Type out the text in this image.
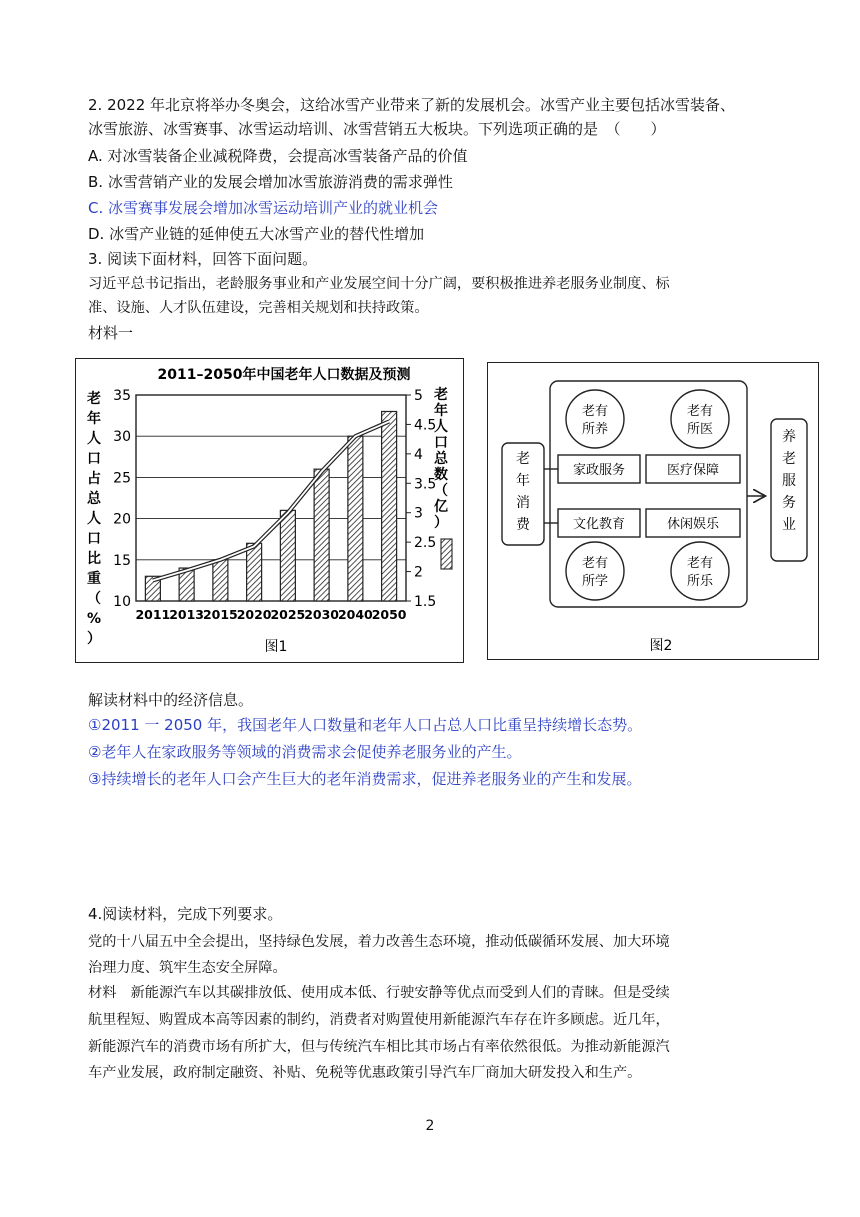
2. 2022 年北京将举办冬奥会，这给冰雪产业带来了新的发展机会。冰雪产业主要包括冰雪装备、
冰雪旅游、冰雪赛事、冰雪运动培训、冰雪营销五大板块。下列选项正确的是　（　　）
A. 对冰雪装备企业减税降费，会提高冰雪装备产品的价值
B. 冰雪营销产业的发展会增加冰雪旅游消费的需求弹性
C. 冰雪赛事发展会增加冰雪运动培训产业的就业机会
D. 冰雪产业链的延伸使五大冰雪产业的替代性增加
3. 阅读下面材料，回答下面问题。
习近平总书记指出，老龄服务事业和产业发展空间十分广阔，要积极推进养老服务业制度、标
准、设施、人才队伍建设，完善相关规划和扶持政策。
材料一
2011–2050年中国老年人口数据及预测
老年人口占总人口比重（%）
老年人口总数（亿）
35
30
25
20
15
10
5
4.5
4
3.5
3
2.5
2
1.5
2011
2013
2015
2020
2025
2030
2040
2050
图1
老年消费
养老服务业
老有所养
老有所医
老有所学
老有所乐
家政服务	医疗保障
文化教育	休闲娱乐
图2
解读材料中的经济信息。
①2011 一 2050 年，我国老年人口数量和老年人口占总人口比重呈持续增长态势。
②老年人在家政服务等领域的消费需求会促使养老服务业的产生。
③持续增长的老年人口会产生巨大的老年消费需求，促进养老服务业的产生和发展。
4.阅读材料，完成下列要求。
党的十八届五中全会提出，坚持绿色发展，着力改善生态环境，推动低碳循环发展、加大环境
治理力度、筑牢生态安全屏障。
材料　新能源汽车以其碳排放低、使用成本低、行驶安静等优点而受到人们的青睐。但是受续
航里程短、购置成本高等因素的制约，消费者对购置使用新能源汽车存在许多顾虑。近几年，
新能源汽车的消费市场有所扩大，但与传统汽车相比其市场占有率依然很低。为推动新能源汽
车产业发展，政府制定融资、补贴、免税等优惠政策引导汽车厂商加大研发投入和生产。
2
